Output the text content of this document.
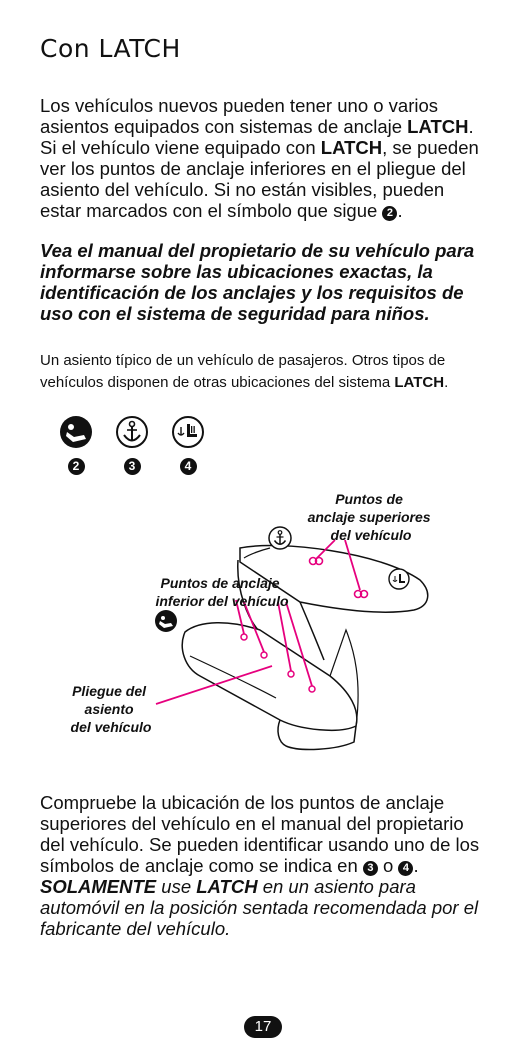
Con LATCH

Los vehículos nuevos pueden tener uno o varios asientos equipados con sistemas de anclaje LATCH. Si el vehículo viene equipado con LATCH, se pueden ver los puntos de anclaje inferiores en el pliegue del asiento del vehículo. Si no están visibles, pueden estar marcados con el símbolo que sigue 2 .

Vea el manual del propietario de su vehículo para informarse sobre las ubicaciones exactas, la identificación de los anclajes y los requisitos de uso con el sistema de seguridad para niños.

Un asiento típico de un vehículo de pasajeros. Otros tipos de vehículos disponen de otras ubicaciones del sistema LATCH.

2	3	4
Puntos de anclaje superiores del vehículo
Puntos de anclaje inferior del vehículo
Pliegue del asiento del vehículo

Compruebe la ubicación de los puntos de anclaje superiores del vehículo en el manual del propietario del vehículo. Se pueden identificar usando uno de los símbolos de anclaje como se indica en 3 o 4 . SOLAMENTE use LATCH en un asiento para automóvil en la posición sentada recomendada por el fabricante del vehículo.

17
